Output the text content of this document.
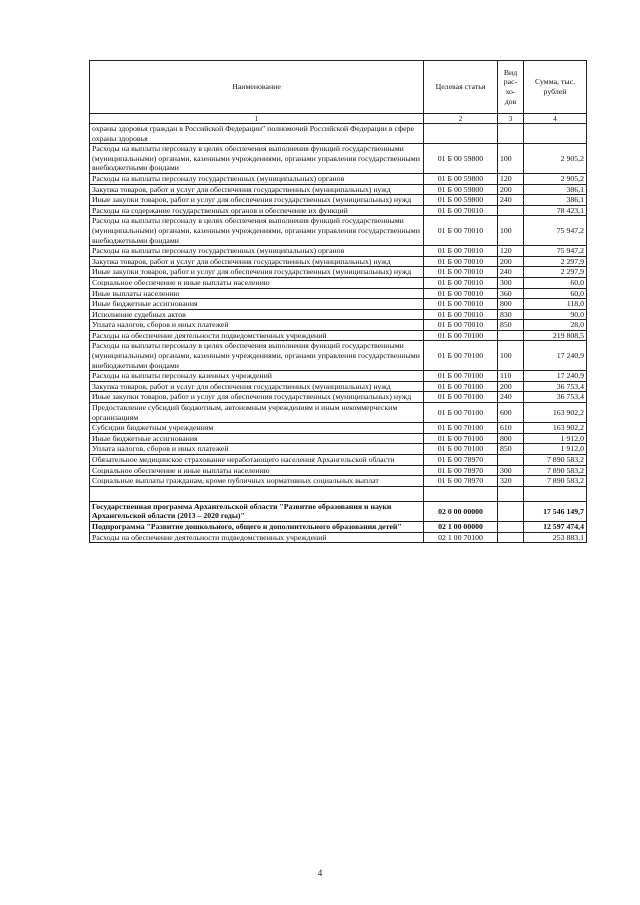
Наименование	Целевая статья	Вид рас-хо-дов	Сумма, тыс. рублей
1	2	3	4
охраны здоровья граждан в Российской Федерации" полномочий Российской Федерации в сфере охраны здоровья			
Расходы на выплаты персоналу в целях обеспечения выполнения функций государственными (муниципальными) органами, казенными учреждениями, органами управления государственными внебюджетными фондами	01 Б 00 59800	100	2 905,2
Расходы на выплаты персоналу государственных (муниципальных) органов	01 Б 00 59800	120	2 905,2
Закупка товаров, работ и услуг для обеспечения государственных (муниципальных) нужд	01 Б 00 59800	200	386,1
Иные закупки товаров, работ и услуг для обеспечения государственных (муниципальных) нужд	01 Б 00 59800	240	386,1
Расходы на содержание государственных органов и обеспечение их функций	01 Б 00 70010		78 423,1
Расходы на выплаты персоналу в целях обеспечения выполнения функций государственными (муниципальными) органами, казенными учреждениями, органами управления государственными внебюджетными фондами	01 Б 00 70010	100	75 947,2
Расходы на выплаты персоналу государственных (муниципальных) органов	01 Б 00 70010	120	75 947,2
Закупка товаров, работ и услуг для обеспечения государственных (муниципальных) нужд	01 Б 00 70010	200	2 297,9
Иные закупки товаров, работ и услуг для обеспечения государственных (муниципальных) нужд	01 Б 00 70010	240	2 297,9
Социальное обеспечение и иные выплаты населению	01 Б 00 70010	300	60,0
Иные выплаты населению	01 Б 00 70010	360	60,0
Иные бюджетные ассигнования	01 Б 00 70010	800	118,0
Исполнение судебных актов	01 Б 00 70010	830	90,0
Уплата налогов, сборов и иных платежей	01 Б 00 70010	850	28,0
Расходы на обеспечение деятельности подведомственных учреждений	01 Б 00 70100		219 808,5
Расходы на выплаты персоналу в целях обеспечения выполнения функций государственными (муниципальными) органами, казенными учреждениями, органами управления государственными внебюджетными фондами	01 Б 00 70100	100	17 240,9
Расходы на выплаты персоналу казенных учреждений	01 Б 00 70100	110	17 240,9
Закупка товаров, работ и услуг для обеспечения государственных (муниципальных) нужд	01 Б 00 70100	200	36 753,4
Иные закупки товаров, работ и услуг для обеспечения государственных (муниципальных) нужд	01 Б 00 70100	240	36 753,4
Предоставление субсидий бюджетным, автономным учреждениям и иным некоммерческим организациям	01 Б 00 70100	600	163 902,2
Субсидии бюджетным учреждениям	01 Б 00 70100	610	163 902,2
Иные бюджетные ассигнования	01 Б 00 70100	800	1 912,0
Уплата налогов, сборов и иных платежей	01 Б 00 70100	850	1 912,0
Обязательное медицинское страхование неработающего населения Архангельской области	01 Б 00 78970		7 890 583,2
Социальное обеспечение и иные выплаты населению	01 Б 00 78970	300	7 890 583,2
Социальные выплаты гражданам, кроме публичных нормативных социальных выплат	01 Б 00 78970	320	7 890 583,2

Государственная программа Архангельской области "Развитие образования и науки Архангельской области (2013 – 2020 годы)"	02 0 00 00000		17 546 149,7
Подпрограмма "Развитие дошкольного, общего и дополнительного образования детей"	02 1 00 00000		12 597 474,4
Расходы на обеспечение деятельности подведомственных учреждений	02 1 00 70100		253 883,1
4
